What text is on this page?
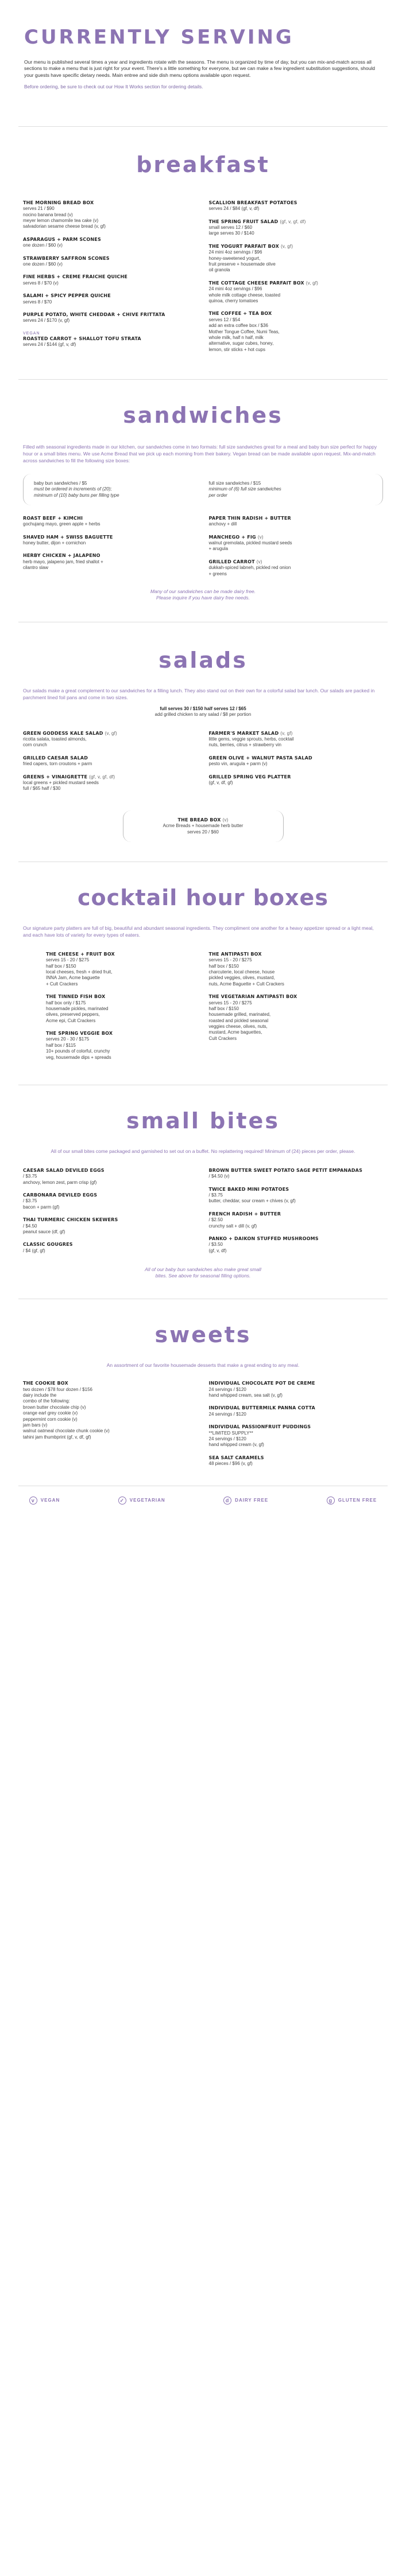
CURRENTLY SERVING

Our menu is published several times a year and ingredients rotate with the seasons. The menu is organized by time of day, but you can mix-and-match across all sections to make a menu that is just right for your event. There's a little something for everyone, but we can make a few ingredient substitution suggestions, should your guests have specific dietary needs. Main entree and side dish menu options available upon request.

Before ordering, be sure to check out our How It Works section for ordering details.

breakfast
THE MORNING BREAD BOX
serves 21 / $90
nocino banana bread (v)
meyer lemon chamomile tea cake (v)
salvadorian sesame cheese bread (v, gf)
ASPARAGUS + PARM SCONES
one dozen / $60 (v)
STRAWBERRY SAFFRON SCONES
one dozen / $60 (v)
FINE HERBS + CREME FRAICHE QUICHE
serves 8 / $70 (v)
SALAMI + SPICY PEPPER QUICHE
serves 8 / $70
PURPLE POTATO, WHITE CHEDDAR + CHIVE FRITTATA
serves 24 / $170 (v, gf)
VEGAN
ROASTED CARROT + SHALLOT TOFU STRATA
serves 24 / $144 (gf, v, df)
SCALLION BREAKFAST POTATOES
serves 24 / $84 (gf, v, df)
THE SPRING FRUIT SALAD (gf, v, gf, df)
small serves 12 / $60
large serves 30 / $140
THE YOGURT PARFAIT BOX (v, gf)
24 mini 4oz servings / $96
honey-sweetened yogurt,
fruit preserve + housemade olive
oil granola
THE COTTAGE CHEESE PARFAIT BOX (v, gf)
24 mini 4oz servings / $96
whole milk cottage cheese, toasted
quinoa, cherry tomatoes
THE COFFEE + TEA BOX
serves 12 / $54
add an extra coffee box / $36
Mother Tongue Coffee, Numi Teas,
whole milk, half n half, milk
alternative, sugar cubes, honey,
lemon, stir sticks + hot cups
sandwiches

Filled with seasonal ingredients made in our kitchen, our sandwiches come in two formats: full size sandwiches great for a meal and baby bun size perfect for happy hour or a small bites menu. We use Acme Bread that we pick up each morning from their bakery. Vegan bread can be made available upon request. Mix-and-match across sandwiches to fill the following size boxes:

baby bun sandwiches / $5
must be ordered in increments of (20);
minimum of (10) baby buns per filling type
full size sandwiches / $15
minimum of (6) full size sandwiches
per order
ROAST BEEF + KIMCHI
gochujang mayo, green apple + herbs
SHAVED HAM + SWISS BAGUETTE
honey butter, dijon + cornichon
HERBY CHICKEN + JALAPENO
herb mayo, jalapeno jam, fried shallot +
cilantro slaw
PAPER THIN RADISH + BUTTER
anchovy + dill
MANCHEGO + FIG (v)
walnut gremolata, pickled mustard seeds
+ arugula
GRILLED CARROT (v)
dukkah-spiced labneh, pickled red onion
+ greens

Many of our sandwiches can be made dairy free.

Please inquire if you have dairy free needs.

salads

Our salads make a great complement to our sandwiches for a filling lunch. They also stand out on their own for a colorful salad bar lunch. Our salads are packed in parchment lined foil pans and come in two sizes.

full serves 30 / $150 half serves 12 / $65

add grilled chicken to any salad / $8 per portion

GREEN GODDESS KALE SALAD (v, gf)
ricotta salata, toasted almonds,
corn crunch
GRILLED CAESAR SALAD
fried capers, torn croutons + parm
GREENS + VINAIGRETTE (gf, v, gf, df)
local greens + pickled mustard seeds
full / $65 half / $30
FARMER'S MARKET SALAD (v, gf)
little gems, veggie sprouts, herbs, cocktail
nuts, berries, citrus + strawberry vin
GREEN OLIVE + WALNUT PASTA SALAD
pesto vin, arugula + parm (v)
GRILLED SPRING VEG PLATTER
(gf, v, df, gf)
THE BREAD BOX (v)
Acme Breads + housemade herb butter
serves 20 / $60
cocktail hour boxes

Our signature party platters are full of big, beautiful and abundant seasonal ingredients. They compliment one another for a heavy appetizer spread or a light meal, and each have lots of variety for every types of eaters.

THE CHEESE + FRUIT BOX
serves 15 - 20 / $275
half box / $150
local cheeses, fresh + dried fruit,
INNA Jam, Acme baguette
+ Cult Crackers
THE TINNED FISH BOX
half box only / $175
housemade pickles, marinated
olives, preserved peppers,
Acme epi, Cult Crackers
THE SPRING VEGGIE BOX
serves 20 - 30 / $175
half box / $115
10+ pounds of colorful, crunchy
veg, housemade dips + spreads
THE ANTIPASTI BOX
serves 15 - 20 / $275
half box / $150
charcuterie, local cheese, house
pickled veggies, olives, mustard,
nuts, Acme Baguette + Cult Crackers
THE VEGETARIAN ANTIPASTI BOX
serves 15 - 20 / $275
half box / $150
housemade grilled, marinated,
roasted and pickled seasonal
veggies cheese, olives, nuts,
mustard, Acme baguettes,
Cult Crackers
small bites

All of our small bites come packaged and garnished to set out on a buffet. No replattering required! Minimum of (24) pieces per order, please.

CAESAR SALAD DEVILED EGGS
/ $3.75
anchovy, lemon zest, parm crisp (gf)
CARBONARA DEVILED EGGS
/ $3.75
bacon + parm (gf)
THAI TURMERIC CHICKEN SKEWERS
/ $4.50
peanut sauce (df, gf)
CLASSIC GOUGRES
/ $4 (gf, gf)
BROWN BUTTER SWEET POTATO SAGE PETIT EMPANADAS
/ $4.50 (v)
TWICE BAKED MINI POTATOES
/ $3.75
butter, cheddar, sour cream + chives (v, gf)
FRENCH RADISH + BUTTER
/ $2.50
crunchy salt + dill (v, gf)
PANKO + DAIKON STUFFED MUSHROOMS
/ $3.50
(gf, v, df)

All of our baby bun sandwiches also make great small

bites. See above for seasonal filling options.

sweets

An assortment of our favorite housemade desserts that make a great ending to any meal.

THE COOKIE BOX
two dozen / $78 four dozen / $156
dairy include the
combo of the following:
brown butter chocolate chip (v)
orange earl grey cookie (v)
peppermint corn cookie (v)
jam bars (v)
walnut oatmeal chocolate chunk cookie (v)
tahini jam thumbprint (gf, v, df, gf)
INDIVIDUAL CHOCOLATE POT DE CREME
24 servings / $120
hand whipped cream, sea salt (v, gf)
INDIVIDUAL BUTTERMILK PANNA COTTA
24 servings / $120
INDIVIDUAL PASSIONFRUIT PUDDINGS
**LIMITED SUPPLY**
24 servings / $120
hand whipped cream (v, gf)
SEA SALT CARAMELS
48 pieces / $96 (v, gf)
v VEGAN	✓ VEGETARIAN	d DAIRY FREE	g GLUTEN FREE
